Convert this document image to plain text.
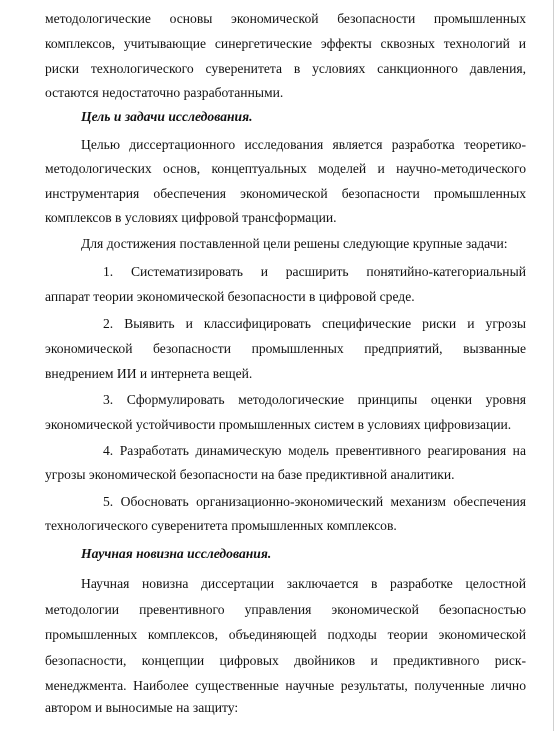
методологические основы экономической безопасности промышленных
комплексов, учитывающие синергетические эффекты сквозных технологий и
риски технологического суверенитета в условиях санкционного давления,
остаются недостаточно разработанными.
Цель и задачи исследования.
Целью диссертационного исследования является разработка теоретико-
методологических основ, концептуальных моделей и научно-методического
инструментария обеспечения экономической безопасности промышленных
комплексов в условиях цифровой трансформации.
Для достижения поставленной цели решены следующие крупные задачи:
1. Систематизировать и расширить понятийно-категориальный
аппарат теории экономической безопасности в цифровой среде.
2. Выявить и классифицировать специфические риски и угрозы
экономической безопасности промышленных предприятий, вызванные
внедрением ИИ и интернета вещей.
3. Сформулировать методологические принципы оценки уровня
экономической устойчивости промышленных систем в условиях цифровизации.
4. Разработать динамическую модель превентивного реагирования на
угрозы экономической безопасности на базе предиктивной аналитики.
5. Обосновать организационно-экономический механизм обеспечения
технологического суверенитета промышленных комплексов.
Научная новизна исследования.
Научная новизна диссертации заключается в разработке целостной
методологии превентивного управления экономической безопасностью
промышленных комплексов, объединяющей подходы теории экономической
безопасности, концепции цифровых двойников и предиктивного риск-
менеджмента. Наиболее существенные научные результаты, полученные лично
автором и выносимые на защиту:
